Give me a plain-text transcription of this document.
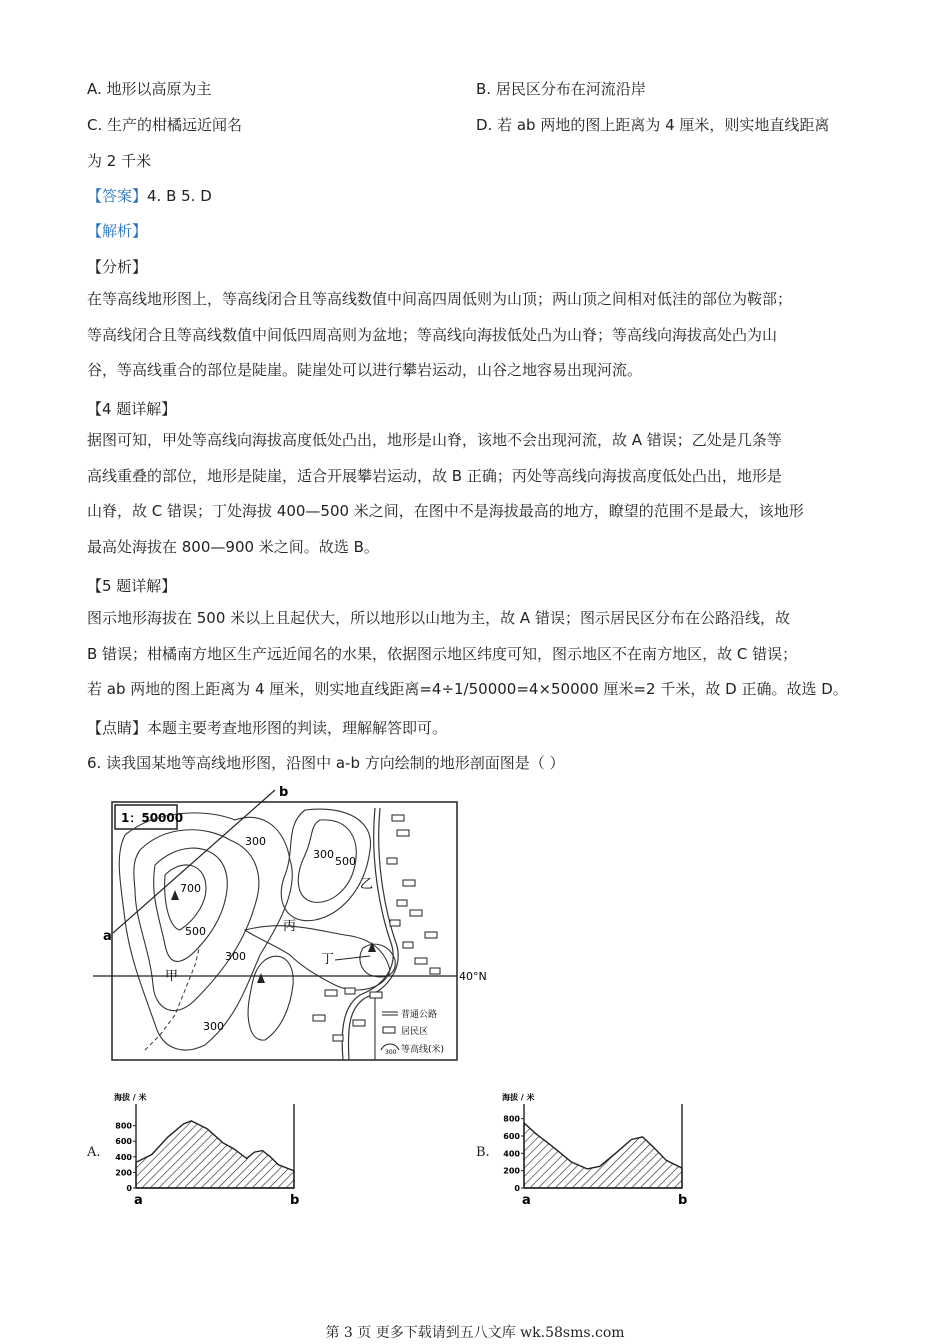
A. 地形以高原为主	B. 居民区分布在河流沿岸
C. 生产的柑橘远近闻名	D. 若 ab 两地的图上距离为 4 厘米，则实地直线距离
为 2 千米
【答案】4. B 5. D
【解析】
【分析】
在等高线地形图上，等高线闭合且等高线数值中间高四周低则为山顶；两山顶之间相对低洼的部位为鞍部；
等高线闭合且等高线数值中间低四周高则为盆地；等高线向海拔低处凸为山脊；等高线向海拔高处凸为山
谷，等高线重合的部位是陡崖。陡崖处可以进行攀岩运动，山谷之地容易出现河流。
【4 题详解】
据图可知，甲处等高线向海拔高度低处凸出，地形是山脊，该地不会出现河流，故 A 错误；乙处是几条等
高线重叠的部位，地形是陡崖，适合开展攀岩运动，故 B 正确；丙处等高线向海拔高度低处凸出，地形是
山脊，故 C 错误；丁处海拔 400—500 米之间，在图中不是海拔最高的地方，瞭望的范围不是最大，该地形
最高处海拔在 800—900 米之间。故选 B。
【5 题详解】
图示地形海拔在 500 米以上且起伏大，所以地形以山地为主，故 A 错误；图示居民区分布在公路沿线，故
B 错误；柑橘南方地区生产远近闻名的水果，依据图示地区纬度可知，图示地区不在南方地区，故 C 错误；
若 ab 两地的图上距离为 4 厘米，则实地直线距离=4÷1/50000=4×50000 厘米=2 千米，故 D 正确。故选 D。
【点睛】本题主要考查地形图的判读，理解解答即可。
6. 读我国某地等高线地形图，沿图中 a-b 方向绘制的地形剖面图是（ ）
1：50000
a
b
甲
乙
丙
丁
300
300
300
300
500
500
700
40°N
普通公路
居民区
300 等高线(米)
A.
0
200
400
600
800
海拔 / 米
a	b
B.
0
200
400
600
800
海拔 / 米
a	b
第 3 页 更多下载请到五八文库 wk.58sms.com
